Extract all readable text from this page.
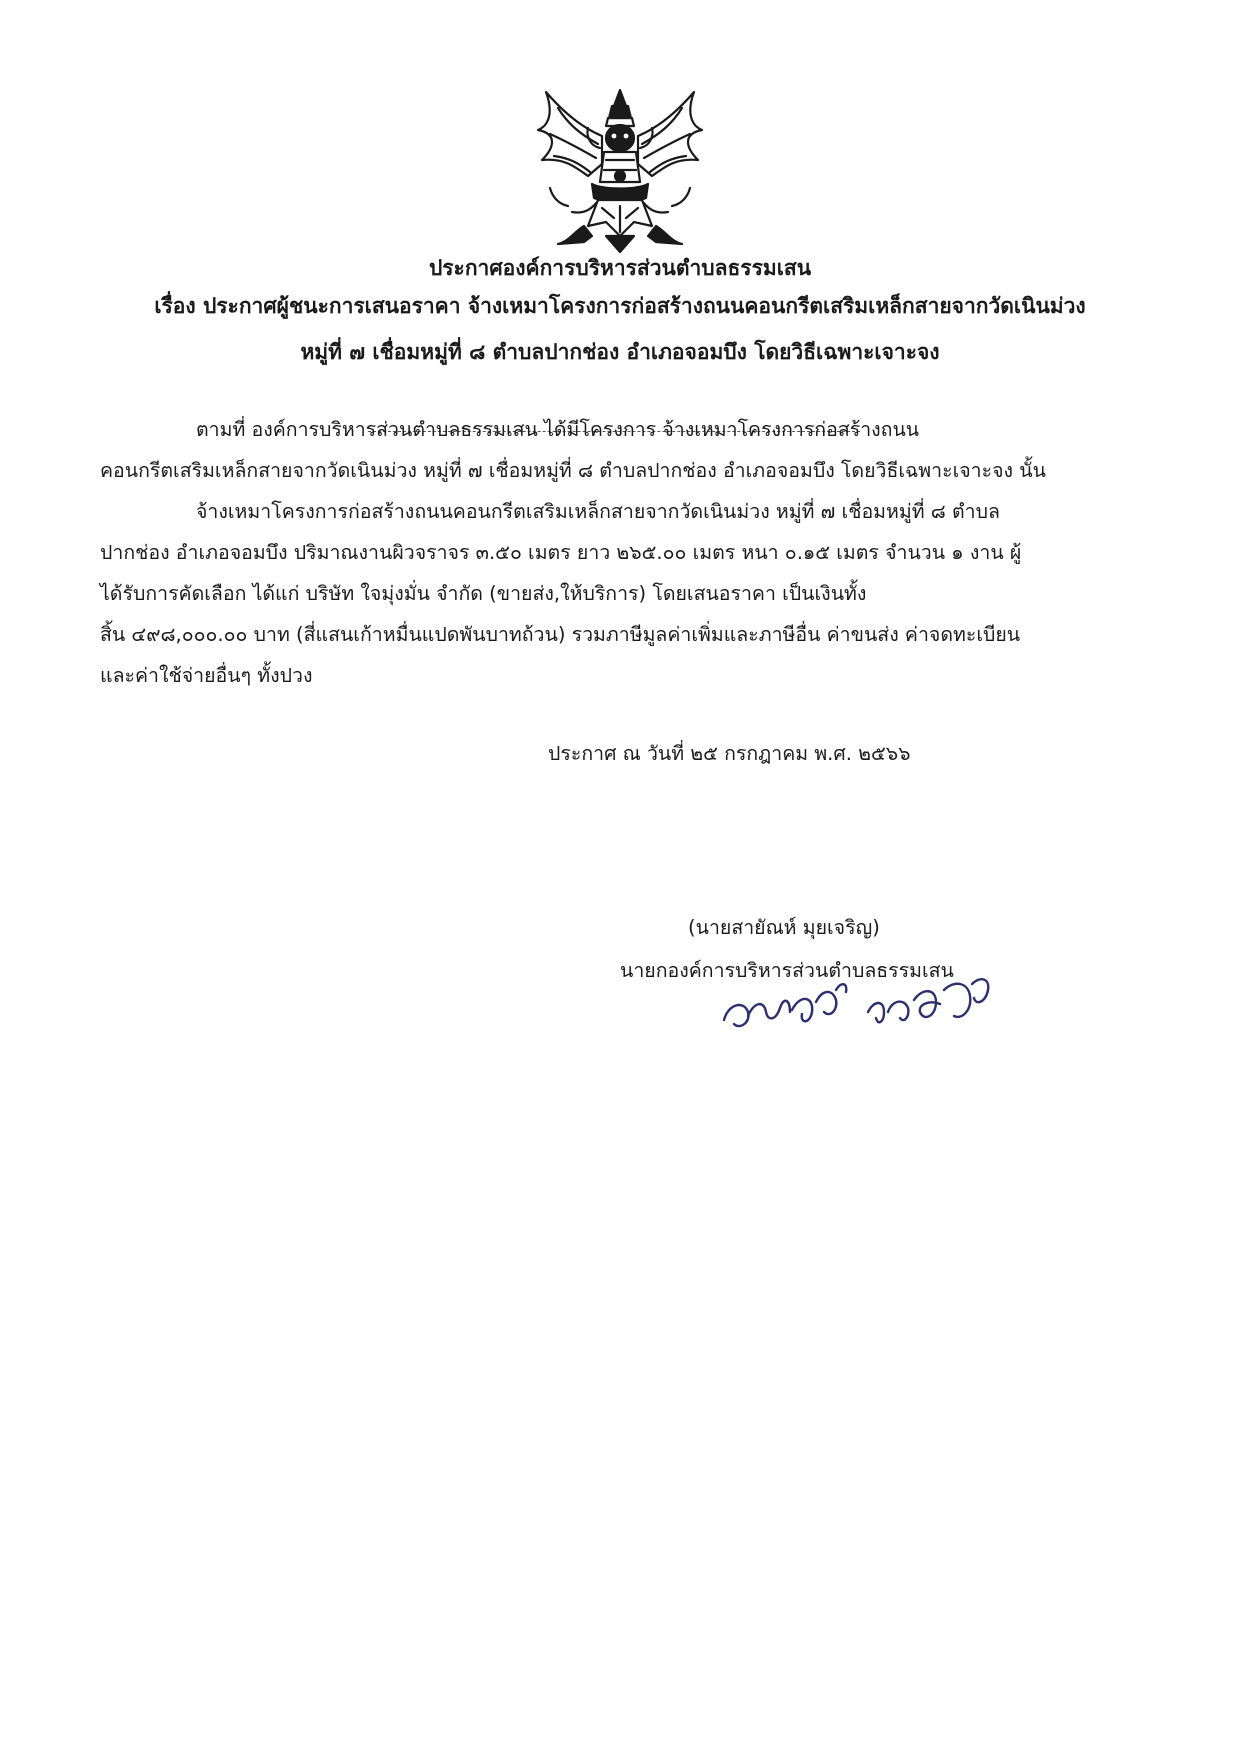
ประกาศองค์การบริหารส่วนตำบลธรรมเสน
เรื่อง ประกาศผู้ชนะการเสนอราคา จ้างเหมาโครงการก่อสร้างถนนคอนกรีตเสริมเหล็กสายจากวัดเนินม่วง
หมู่ที่ ๗ เชื่อมหมู่ที่ ๘ ตำบลปากช่อง อำเภอจอมบึง โดยวิธีเฉพาะเจาะจง
ตามที่ องค์การบริหารส่วนตำบลธรรมเสน ได้มีโครงการ จ้างเหมาโครงการก่อสร้างถนน
คอนกรีตเสริมเหล็กสายจากวัดเนินม่วง หมู่ที่ ๗ เชื่อมหมู่ที่ ๘ ตำบลปากช่อง อำเภอจอมบึง โดยวิธีเฉพาะเจาะจง นั้น
จ้างเหมาโครงการก่อสร้างถนนคอนกรีตเสริมเหล็กสายจากวัดเนินม่วง หมู่ที่ ๗ เชื่อมหมู่ที่ ๘ ตำบล
ปากช่อง อำเภอจอมบึง ปริมาณงานผิวจราจร ๓.๕๐ เมตร ยาว ๒๖๕.๐๐ เมตร หนา ๐.๑๕ เมตร จำนวน ๑ งาน ผู้
ได้รับการคัดเลือก ได้แก่ บริษัท ใจมุ่งมั่น จำกัด (ขายส่ง,ให้บริการ) โดยเสนอราคา เป็นเงินทั้ง
สิ้น ๔๙๘,๐๐๐.๐๐ บาท (สี่แสนเก้าหมื่นแปดพันบาทถ้วน) รวมภาษีมูลค่าเพิ่มและภาษีอื่น ค่าขนส่ง ค่าจดทะเบียน
และค่าใช้จ่ายอื่นๆ ทั้งปวง
ประกาศ ณ วันที่ ๒๕ กรกฎาคม พ.ศ. ๒๕๖๖
(นายสายัณห์ มุยเจริญ)
นายกองค์การบริหารส่วนตำบลธรรมเสน
